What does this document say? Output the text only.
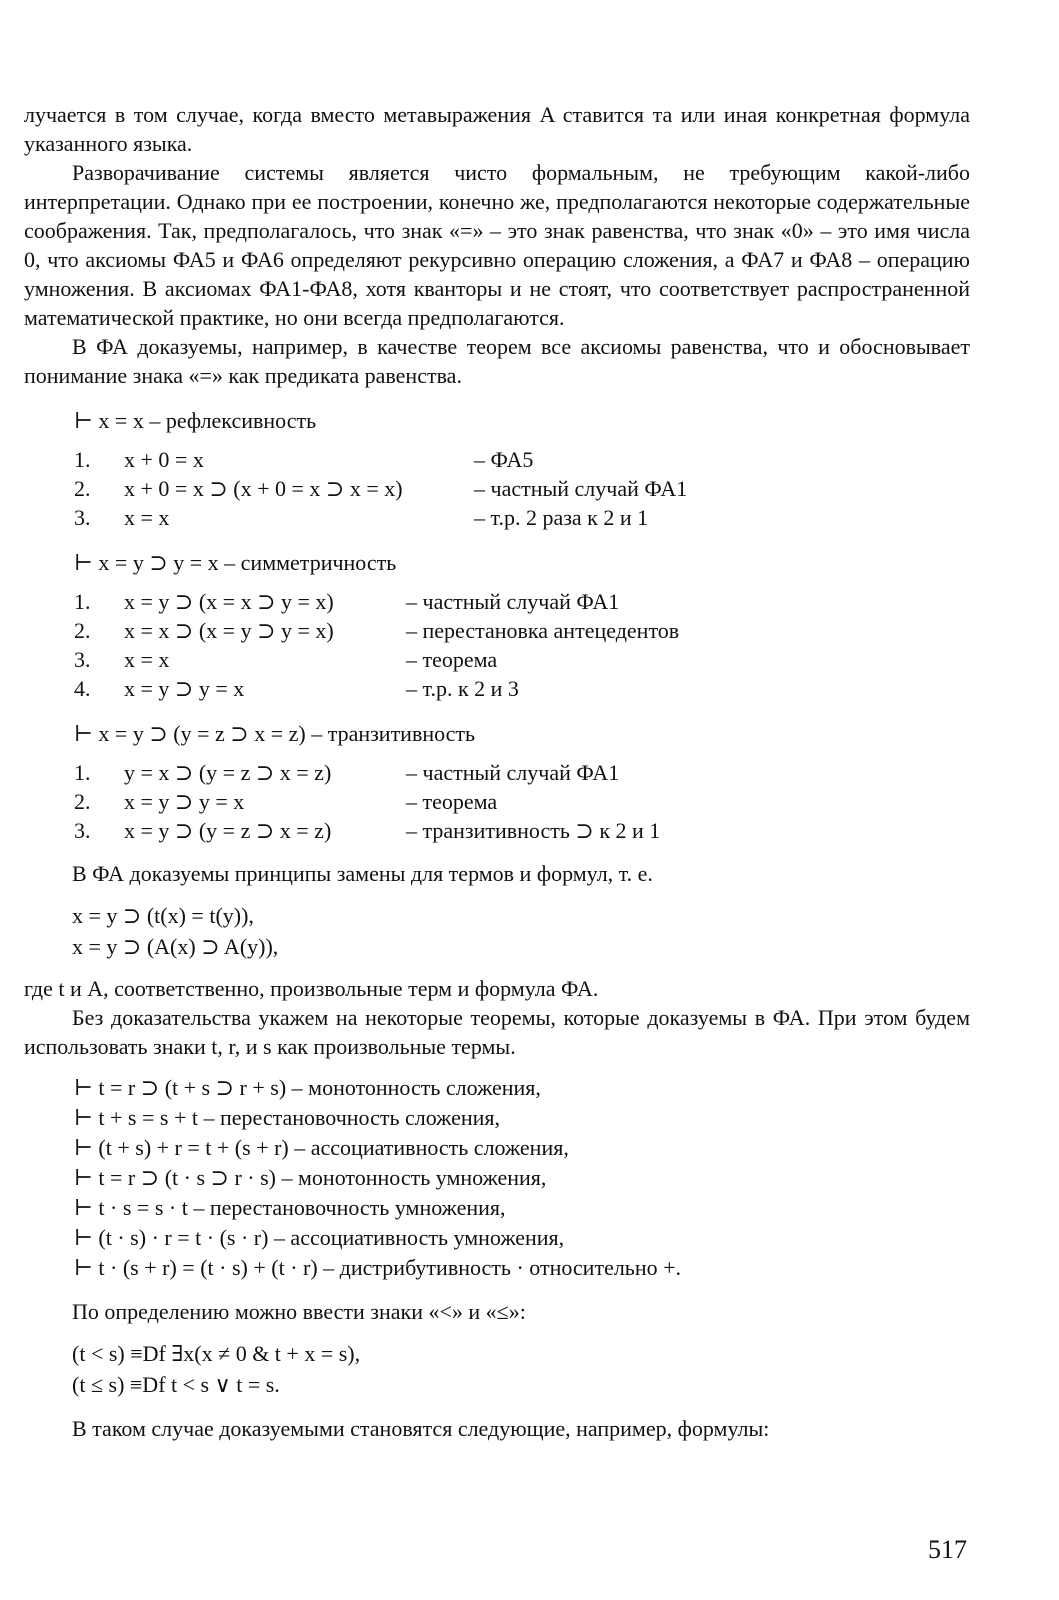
лучается в том случае, когда вместо метавыражения A ставится та или иная конкретная формула указанного языка.

Разворачивание системы является чисто формальным, не требующим какой-либо интерпретации. Однако при ее построении, конечно же, предполагаются некоторые содержательные соображения. Так, предполагалось, что знак «=» – это знак равенства, что знак «0» – это имя числа 0, что аксиомы ФА5 и ФА6 определяют рекурсивно операцию сложения, а ФА7 и ФА8 – операцию умножения. В аксиомах ФА1-ФА8, хотя кванторы и не стоят, что соответствует распространенной математической практике, но они всегда предполагаются.

В ФА доказуемы, например, в качестве теорем все аксиомы равенства, что и обосновывает понимание знака «=» как предиката равенства.

⊢ x = x – рефлексивность
1.	x + 0 = x	– ФА5
2.	x + 0 = x ⊃ (x + 0 = x ⊃ x = x)	– частный случай ФА1
3.	x = x	– т.р. 2 раза к 2 и 1
⊢ x = y ⊃ y = x – симметричность
1.	x = y ⊃ (x = x ⊃ y = x)	– частный случай ФА1
2.	x = x ⊃ (x = y ⊃ y = x)	– перестановка антецедентов
3.	x = x	– теорема
4.	x = y ⊃ y = x	– т.р. к 2 и 3
⊢ x = y ⊃ (y = z ⊃ x = z) – транзитивность
1.	y = x ⊃ (y = z ⊃ x = z)	– частный случай ФА1
2.	x = y ⊃ y = x	– теорема
3.	x = y ⊃ (y = z ⊃ x = z)	– транзитивность ⊃ к 2 и 1

В ФА доказуемы принципы замены для термов и формул, т. е.

x = y ⊃ (t(x) = t(y)),
x = y ⊃ (A(x) ⊃ A(y)),

где t и A, соответственно, произвольные терм и формула ФА.

Без доказательства укажем на некоторые теоремы, которые доказуемы в ФА. При этом будем использовать знаки t, r, и s как произвольные термы.

⊢ t = r ⊃ (t + s ⊃ r + s) – монотонность сложения,
⊢ t + s = s + t – перестановочность сложения,
⊢ (t + s) + r = t + (s + r) – ассоциативность сложения,
⊢ t = r ⊃ (t · s ⊃ r · s) – монотонность умножения,
⊢ t · s = s · t – перестановочность умножения,
⊢ (t · s) · r = t · (s · r) – ассоциативность умножения,
⊢ t · (s + r) = (t · s) + (t · r) – дистрибутивность · относительно +.

По определению можно ввести знаки «<» и «≤»:

(t < s) ≡Df ∃x(x ≠ 0 & t + x = s),
(t ≤ s) ≡Df t < s ∨ t = s.

В таком случае доказуемыми становятся следующие, например, формулы:

517
